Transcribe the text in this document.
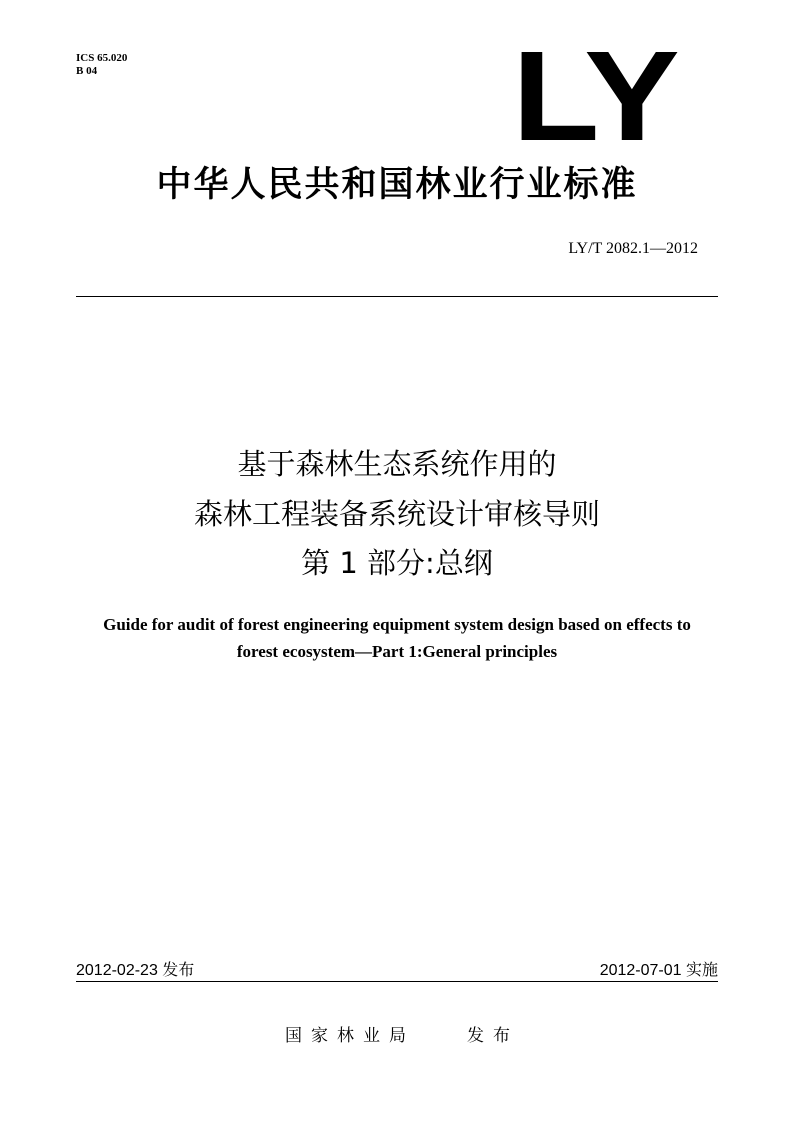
ICS 65.020
B 04	LY
中华人民共和国林业行业标准
LY/T 2082.1—2012
基于森林生态系统作用的
森林工程装备系统设计审核导则
第 1 部分:总纲
Guide for audit of forest engineering equipment system design based on effects to
forest ecosystem—Part 1:General principles
2012-02-23 发布	2012-07-01 实施
国家林业局	发布
